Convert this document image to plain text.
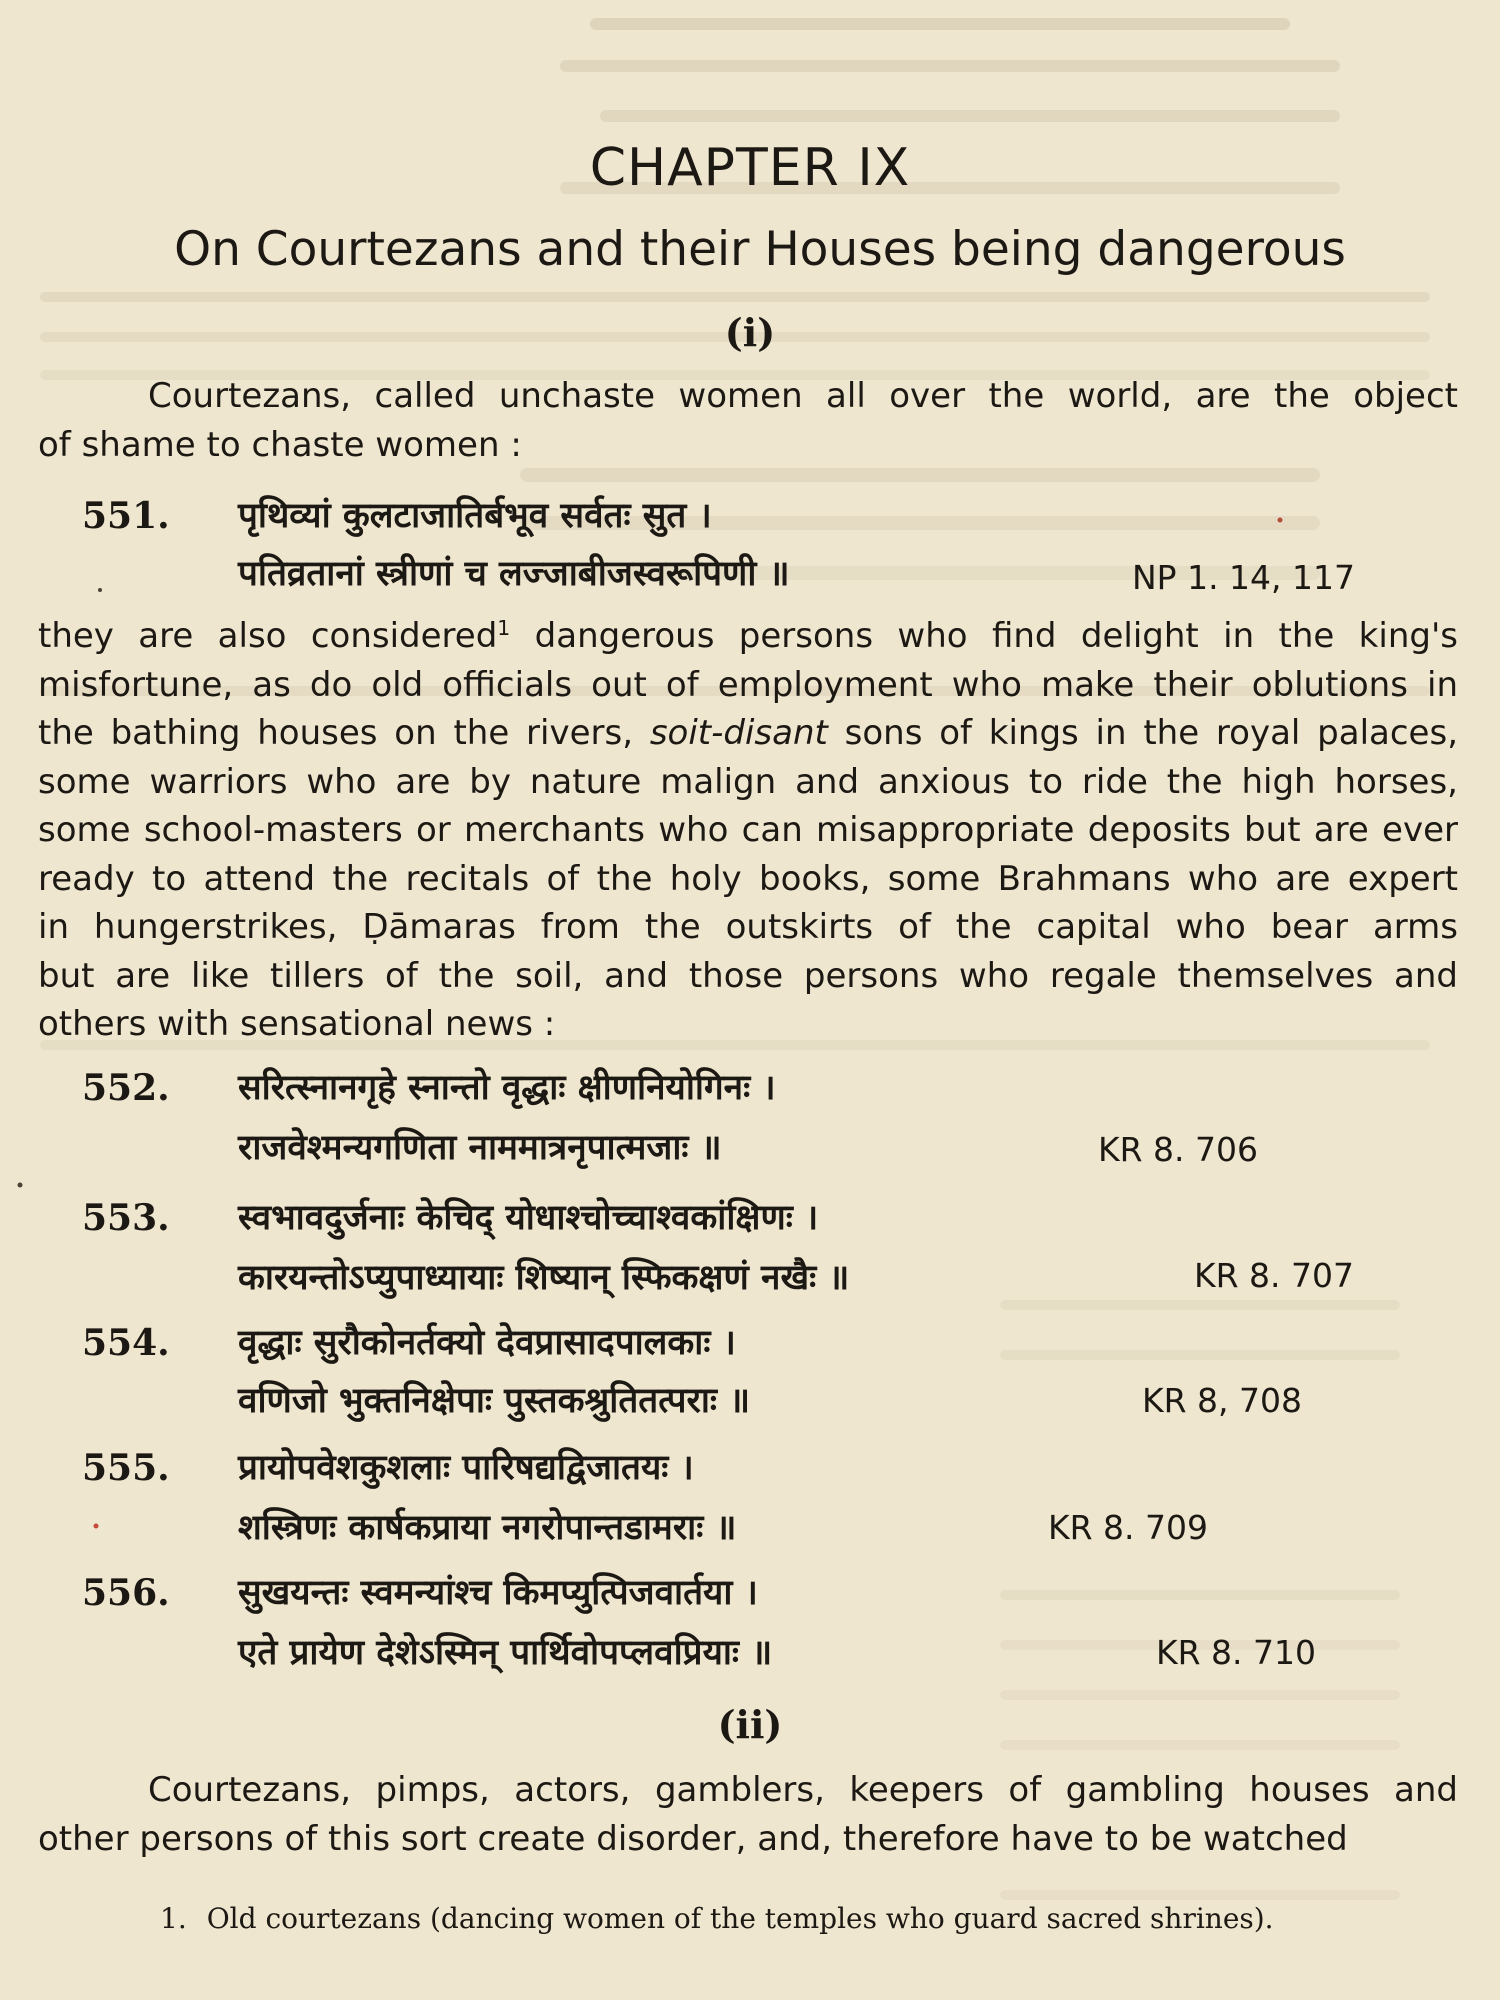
CHAPTER IX
On Courtezans and their Houses being dangerous
(i)
Courtezans, called unchaste women all over the world, are the object
of shame to chaste women :
551. पृथिव्यां कुलटाजातिर्बभूव सर्वतः सुत ।
पतिव्रतानां स्त्रीणां च लज्जाबीजस्वरूपिणी ॥	NP 1. 14, 117
they are also considered$^1$ dangerous persons who find delight in the king's
misfortune, as do old officials out of employment who make their oblutions in
the bathing houses on the rivers, soit-disant sons of kings in the royal palaces,
some warriors who are by nature malign and anxious to ride the high horses,
some school-masters or merchants who can misappropriate deposits but are ever
ready to attend the recitals of the holy books, some Brahmans who are expert
in hungerstrikes, Ḍāmaras from the outskirts of the capital who bear arms
but are like tillers of the soil, and those persons who regale themselves and
others with sensational news :
552. सरित्स्नानगृहे स्नान्तो वृद्धाः क्षीणनियोगिनः ।
राजवेश्मन्यगणिता नाममात्रनृपात्मजाः ॥	KR 8. 706
553. स्वभावदुर्जनाः केचिद् योधाश्चोच्चाश्वकांक्षिणः ।
कारयन्तोऽप्युपाध्यायाः शिष्यान् स्फिकक्षणं नखैः ॥	KR 8. 707
554. वृद्धाः सुरौकोनर्तक्यो देवप्रासादपालकाः ।
वणिजो भुक्तनिक्षेपाः पुस्तकश्रुतितत्पराः ॥	KR 8, 708
555. प्रायोपवेशकुशलाः पारिषद्यद्विजातयः ।
शस्त्रिणः कार्षकप्राया नगरोपान्तडामराः ॥	KR 8. 709
556. सुखयन्तः स्वमन्यांश्च किमप्युत्पिजवार्तया ।
एते प्रायेण देशेऽस्मिन् पार्थिवोपप्लवप्रियाः ॥	KR 8. 710
(ii)
Courtezans, pimps, actors, gamblers, keepers of gambling houses and
other persons of this sort create disorder, and, therefore have to be watched
1. Old courtezans (dancing women of the temples who guard sacred shrines).
